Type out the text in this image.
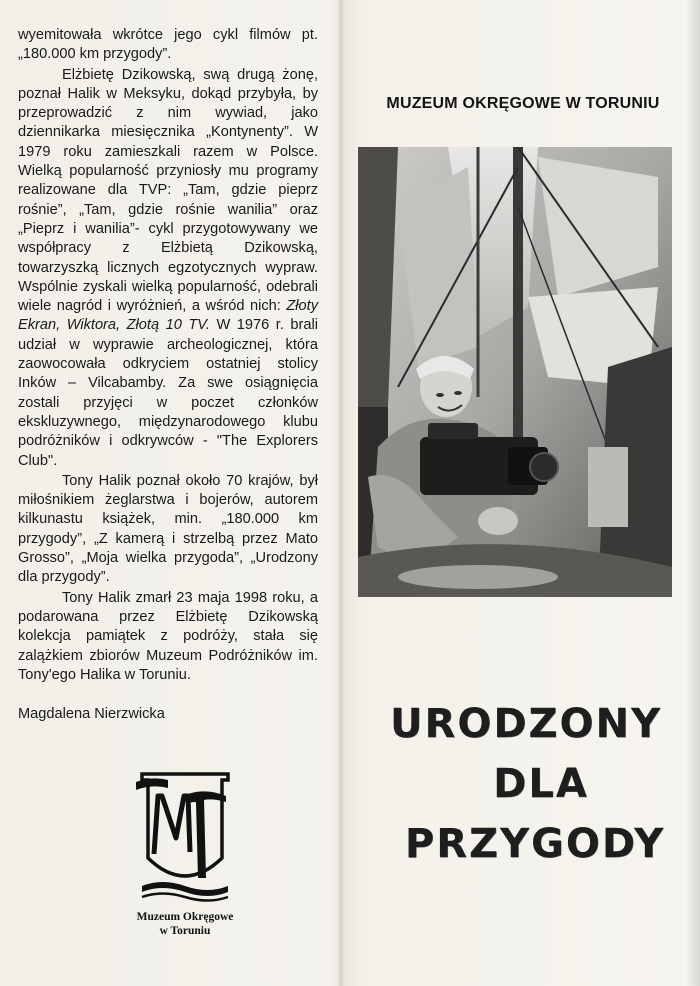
wyemitowała wkrótce jego cykl filmów pt. „180.000 km przygody”.

Elżbietę Dzikowską, swą drugą żonę, poznał Halik w Meksyku, dokąd przybyła, by przeprowadzić z nim wywiad, jako dziennikarka miesięcznika „Kontynenty”. W 1979 roku zamieszkali razem w Polsce. Wielką popularność przyniosły mu programy realizowane dla TVP: „Tam, gdzie pieprz rośnie”, „Tam, gdzie rośnie wanilia” oraz „Pieprz i wanilia”- cykl przygotowywany we współpracy z Elżbietą Dzikowską, towarzyszką licznych egzotycznych wypraw. Wspólnie zyskali wielką popularność, odebrali wiele nagród i wyróżnień, a wśród nich: Złoty Ekran, Wiktora, Złotą 10 TV. W 1976 r. brali udział w wyprawie archeologicznej, która zaowocowała odkryciem ostatniej stolicy Inków – Vilcabamby. Za swe osiągnięcia zostali przyjęci w poczet członków ekskluzywnego, międzynarodowego klubu podróżników i odkrywców - "The Explorers Club".

Tony Halik poznał około 70 krajów, był miłośnikiem żeglarstwa i bojerów, autorem kilkunastu książek, min. „180.000 km przygody”, „Z kamerą i strzelbą przez Mato Grosso”, „Moja wielka przygoda”, „Urodzony dla przygody”.

Tony Halik zmarł 23 maja 1998 roku, a podarowana przez Elżbietę Dzikowską kolekcja pamiątek z podróży, stała się zalążkiem zbiorów Muzeum Podróżników im. Tony'ego Halika w Toruniu.

Magdalena Nierzwicka

Muzeum Okręgowe
w Toruniu
MUZEUM OKRĘGOWE W TORUNIU
URODZONY
DLA
PRZYGODY
